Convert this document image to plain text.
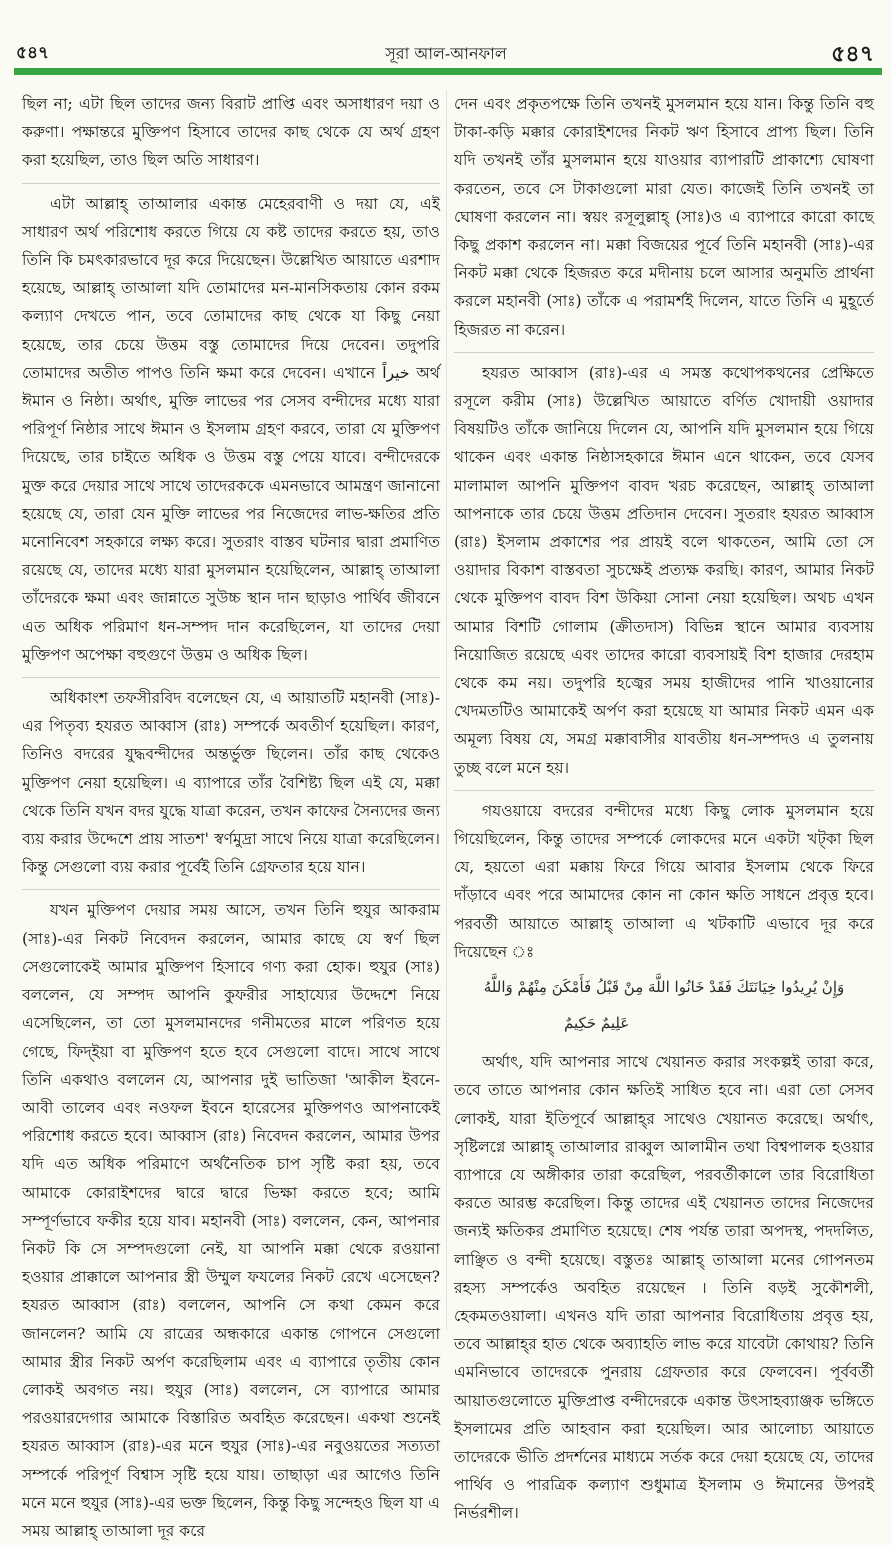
৫৪৭	সূরা আল-আনফাল	৫৪৭

ছিল না; এটা ছিল তাদের জন্য বিরাট প্রাপ্তি এবং অসাধারণ দয়া ও করুণা। পক্ষান্তরে মুক্তিপণ হিসাবে তাদের কাছ থেকে যে অর্থ গ্রহণ করা হয়েছিল, তাও ছিল অতি সাধারণ।

এটা আল্লাহ্ তাআলার একান্ত মেহেরবাণী ও দয়া যে, এই সাধারণ অর্থ পরিশোধ করতে গিয়ে যে কষ্ট তাদের করতে হয়, তাও তিনি কি চমৎকারভাবে দূর করে দিয়েছেন। উল্লেখিত আয়াতে এরশাদ হয়েছে, আল্লাহ্ তাআলা যদি তোমাদের মন-মানসিকতায় কোন রকম কল্যাণ দেখতে পান, তবে তোমাদের কাছ থেকে যা কিছু নেয়া হয়েছে, তার চেয়ে উত্তম বস্তু তোমাদের দিয়ে দেবেন। তদুপরি তোমাদের অতীত পাপও তিনি ক্ষমা করে দেবেন। এখানে خيراً অর্থ ঈমান ও নিষ্ঠা। অর্থাৎ, মুক্তি লাভের পর সেসব বন্দীদের মধ্যে যারা পরিপূর্ণ নিষ্ঠার সাথে ঈমান ও ইসলাম গ্রহণ করবে, তারা যে মুক্তিপণ দিয়েছে, তার চাইতে অধিক ও উত্তম বস্তু পেয়ে যাবে। বন্দীদেরকে মুক্ত করে দেয়ার সাথে সাথে তাদেরককে এমনভাবে আমন্ত্রণ জানানো হয়েছে যে, তারা যেন মুক্তি লাভের পর নিজেদের লাভ-ক্ষতির প্রতি মনোনিবেশ সহকারে লক্ষ্য করে। সুতরাং বাস্তব ঘটনার দ্বারা প্রমাণিত রয়েছে যে, তাদের মধ্যে যারা মুসলমান হয়েছিলেন, আল্লাহ্ তাআলা তাঁদেরকে ক্ষমা এবং জান্নাতে সুউচ্চ স্থান দান ছাড়াও পার্থিব জীবনে এত অধিক পরিমাণ ধন-সম্পদ দান করেছিলেন, যা তাদের দেয়া মুক্তিপণ অপেক্ষা বহুগুণে উত্তম ও অধিক ছিল।

অধিকাংশ তফসীরবিদ বলেছেন যে, এ আয়াতটি মহানবী (সাঃ)-এর পিতৃব্য হযরত আব্বাস (রাঃ) সম্পর্কে অবতীর্ণ হয়েছিল। কারণ, তিনিও বদরের যুদ্ধবন্দীদের অন্তর্ভুক্ত ছিলেন। তাঁর কাছ থেকেও মুক্তিপণ নেয়া হয়েছিল। এ ব্যাপারে তাঁর বৈশিষ্ট্য ছিল এই যে, মক্কা থেকে তিনি যখন বদর যুদ্ধে যাত্রা করেন, তখন কাফের সৈন্যদের জন্য ব্যয় করার উদ্দেশে প্রায় সাতশ' স্বর্ণমুদ্রা সাথে নিয়ে যাত্রা করেছিলেন। কিন্তু সেগুলো ব্যয় করার পূর্বেই তিনি গ্রেফতার হয়ে যান।

যখন মুক্তিপণ দেয়ার সময় আসে, তখন তিনি হুযুর আকরাম (সাঃ)-এর নিকট নিবেদন করলেন, আমার কাছে যে স্বর্ণ ছিল সেগুলোকেই আমার মুক্তিপণ হিসাবে গণ্য করা হোক। হুযুর (সাঃ) বললেন, যে সম্পদ আপনি কুফরীর সাহায্যের উদ্দেশে নিয়ে এসেছিলেন, তা তো মুসলমানদের গনীমতের মালে পরিণত হয়ে গেছে, ফিদ্‌ইয়া বা মুক্তিপণ হতে হবে সেগুলো বাদে। সাথে সাথে তিনি একথাও বললেন যে, আপনার দুই ভাতিজা 'আকীল ইবনে-আবী তালেব এবং নওফল ইবনে হারেসের মুক্তিপণও আপনাকেই পরিশোধ করতে হবে। আব্বাস (রাঃ) নিবেদন করলেন, আমার উপর যদি এত অধিক পরিমাণে অর্থনৈতিক চাপ সৃষ্টি করা হয়, তবে আমাকে কোরাইশদের দ্বারে দ্বারে ভিক্ষা করতে হবে; আমি সম্পূর্ণভাবে ফকীর হয়ে যাব। মহানবী (সাঃ) বললেন, কেন, আপনার নিকট কি সে সম্পদগুলো নেই, যা আপনি মক্কা থেকে রওয়ানা হওয়ার প্রাক্কালে আপনার স্ত্রী উম্মুল ফযলের নিকট রেখে এসেছেন? হযরত আব্বাস (রাঃ) বললেন, আপনি সে কথা কেমন করে জানলেন? আমি যে রাত্রের অন্ধকারে একান্ত গোপনে সেগুলো আমার স্ত্রীর নিকট অর্পণ করেছিলাম এবং এ ব্যাপারে তৃতীয় কোন লোকই অবগত নয়। হুযুর (সাঃ) বললেন, সে ব্যাপারে আমার পরওয়ারদেগার আমাকে বিস্তারিত অবহিত করেছেন। একথা শুনেই হযরত আব্বাস (রাঃ)-এর মনে হুযুর (সাঃ)-এর নবুওয়তের সত্যতা সম্পর্কে পরিপূর্ণ বিশ্বাস সৃষ্টি হয়ে যায়। তাছাড়া এর আগেও তিনি মনে মনে হুযুর (সাঃ)-এর ভক্ত ছিলেন, কিন্তু কিছু সন্দেহও ছিল যা এ সময় আল্লাহ্ তাআলা দূর করে

দেন এবং প্রকৃতপক্ষে তিনি তখনই মুসলমান হয়ে যান। কিন্তু তিনি বহু টাকা-কড়ি মক্কার কোরাইশদের নিকট ঋণ হিসাবে প্রাপ্য ছিল। তিনি যদি তখনই তাঁর মুসলমান হয়ে যাওয়ার ব্যাপারটি প্রাকাশ্যে ঘোষণা করতেন, তবে সে টাকাগুলো মারা যেত। কাজেই তিনি তখনই তা ঘোষণা করলেন না। স্বয়ং রসূলুল্লাহ্ (সাঃ)ও এ ব্যাপারে কারো কাছে কিছু প্রকাশ করলেন না। মক্কা বিজয়ের পূর্বে তিনি মহানবী (সাঃ)-এর নিকট মক্কা থেকে হিজরত করে মদীনায় চলে আসার অনুমতি প্রার্থনা করলে মহানবী (সাঃ) তাঁকে এ পরামর্শই দিলেন, যাতে তিনি এ মুহূর্তে হিজরত না করেন।

হযরত আব্বাস (রাঃ)-এর এ সমস্ত কথোপকথনের প্রেক্ষিতে রসূলে করীম (সাঃ) উল্লেখিত আয়াতে বর্ণিত খোদায়ী ওয়াদার বিষয়টিও তাঁকে জানিয়ে দিলেন যে, আপনি যদি মুসলমান হয়ে গিয়ে থাকেন এবং একান্ত নিষ্ঠাসহকারে ঈমান এনে থাকেন, তবে যেসব মালামাল আপনি মুক্তিপণ বাবদ খরচ করেছেন, আল্লাহ্ তাআলা আপনাকে তার চেয়ে উত্তম প্রতিদান দেবেন। সুতরাং হযরত আব্বাস (রাঃ) ইসলাম প্রকাশের পর প্রায়ই বলে থাকতেন, আমি তো সে ওয়াদার বিকাশ বাস্তবতা সুচক্ষেই প্রত্যক্ষ করছি। কারণ, আমার নিকট থেকে মুক্তিপণ বাবদ বিশ উকিয়া সোনা নেয়া হয়েছিল। অথচ এখন আমার বিশটি গোলাম (ক্রীতদাস) বিভিন্ন স্থানে আমার ব্যবসায় নিয়োজিত রয়েছে এবং তাদের কারো ব্যবসায়ই বিশ হাজার দেরহাম থেকে কম নয়। তদুপরি হজ্বের সময় হাজীদের পানি খাওয়ানোর খেদমতটিও আমাকেই অর্পণ করা হয়েছে যা আমার নিকট এমন এক অমূল্য বিষয় যে, সমগ্র মক্কাবাসীর যাবতীয় ধন-সম্পদও এ তুলনায় তুচ্ছ বলে মনে হয়।

গযওয়ায়ে বদরের বন্দীদের মধ্যে কিছু লোক মুসলমান হয়ে গিয়েছিলেন, কিন্তু তাদের সম্পর্কে লোকদের মনে একটা খট্‌কা ছিল যে, হয়তো এরা মক্কায় ফিরে গিয়ে আবার ইসলাম থেকে ফিরে দাঁড়াবে এবং পরে আমাদের কোন না কোন ক্ষতি সাধনে প্রবৃত্ত হবে। পরবর্তী আয়াতে আল্লাহ্ তাআলা এ খটকাটি এভাবে দূর করে দিয়েছেন ঃ

وَإِنْ يُرِيدُوا خِيَانَتَكَ فَقَدْ خَانُوا اللَّهَ مِنْ قَبْلُ فَأَمْكَنَ مِنْهُمْ وَاللَّهُ
عَلِيمٌ حَكِيمٌ

অর্থাৎ, যদি আপনার সাথে খেয়ানত করার সংকল্পই তারা করে, তবে তাতে আপনার কোন ক্ষতিই সাধিত হবে না। এরা তো সেসব লোকই, যারা ইতিপূর্বে আল্লাহ্‌র সাথেও খেয়ানত করেছে। অর্থাৎ, সৃষ্টিলগ্নে আল্লাহ্ তাআলার রাব্বুল আলামীন তথা বিশ্বপালক হওয়ার ব্যাপারে যে অঙ্গীকার তারা করেছিল, পরবর্তীকালে তার বিরোধিতা করতে আরম্ভ করেছিল। কিন্তু তাদের এই খেয়ানত তাদের নিজেদের জন্যই ক্ষতিকর প্রমাণিত হয়েছে। শেষ পর্যন্ত তারা অপদস্থ, পদদলিত, লাঞ্ছিত ও বন্দী হয়েছে। বস্তুতঃ আল্লাহ্ তাআলা মনের গোপনতম রহস্য সম্পর্কেও অবহিত রয়েছেন । তিনি বড়ই সুকৌশলী, হেকমতওয়ালা। এখনও যদি তারা আপনার বিরোধিতায় প্রবৃত্ত হয়, তবে আল্লাহ্‌র হাত থেকে অব্যাহতি লাভ করে যাবেটা কোথায়? তিনি এমনিভাবে তাদেরকে পুনরায় গ্রেফতার করে ফেলবেন। পূর্ববর্তী আয়াতগুলোতে মুক্তিপ্রাপ্ত বন্দীদেরকে একান্ত উৎসাহব্যাঞ্জক ভঙ্গিতে ইসলামের প্রতি আহবান করা হয়েছিল। আর আলোচ্য আয়াতে তাদেরকে ভীতি প্রদর্শনের মাধ্যমে সর্তক করে দেয়া হয়েছে যে, তাদের পার্থিব ও পারত্রিক কল্যাণ শুধুমাত্র ইসলাম ও ঈমানের উপরই নির্ভরশীল।
